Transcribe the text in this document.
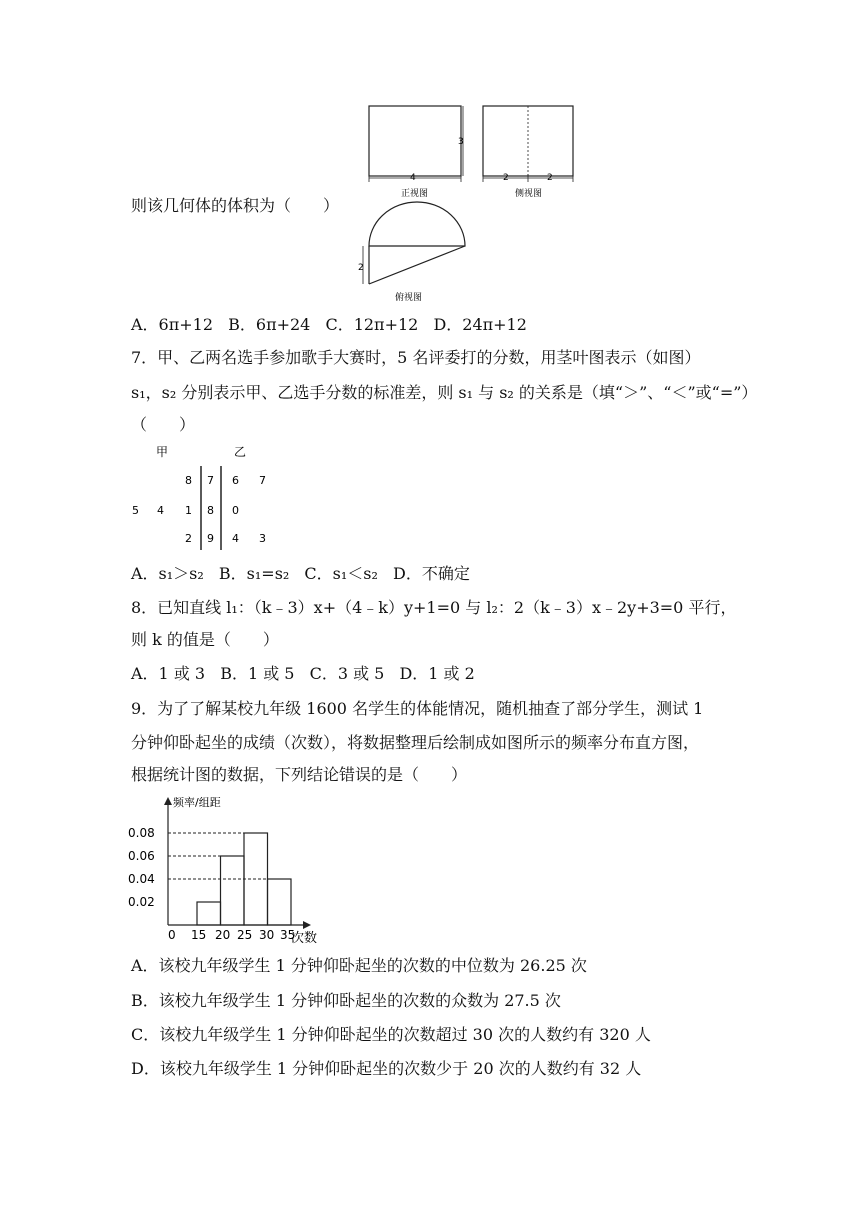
3
4
正视图
2	2
侧视图
2
俯视图
则该几何体的体积为（　　）
A．6π+12 B．6π+24 C．12π+12 D．24π+12
7．甲、乙两名选手参加歌手大赛时，5 名评委打的分数，用茎叶图表示（如图）
s₁，s₂ 分别表示甲、乙选手分数的标准差，则 s₁ 与 s₂ 的关系是（填“＞”、“＜”或“=”）
（　　）
甲	乙
8 7 6 7
5 4 1 8 0
2 9 4 3
A．s₁＞s₂ B．s₁=s₂ C．s₁＜s₂ D．不确定
8．已知直线 l₁：（k﹣3）x+（4﹣k）y+1=0 与 l₂：2（k﹣3）x﹣2y+3=0 平行，
则 k 的值是（　　）
A．1 或 3 B．1 或 5 C．3 或 5 D．1 或 2
9．为了了解某校九年级 1600 名学生的体能情况，随机抽查了部分学生，测试 1
分钟仰卧起坐的成绩（次数），将数据整理后绘制成如图所示的频率分布直方图，
根据统计图的数据，下列结论错误的是（　　）
频率/组距
次数
0.02
0.04
0.06
0.08
0 15 20 25 30 35
A．该校九年级学生 1 分钟仰卧起坐的次数的中位数为 26.25 次
B．该校九年级学生 1 分钟仰卧起坐的次数的众数为 27.5 次
C．该校九年级学生 1 分钟仰卧起坐的次数超过 30 次的人数约有 320 人
D．该校九年级学生 1 分钟仰卧起坐的次数少于 20 次的人数约有 32 人
